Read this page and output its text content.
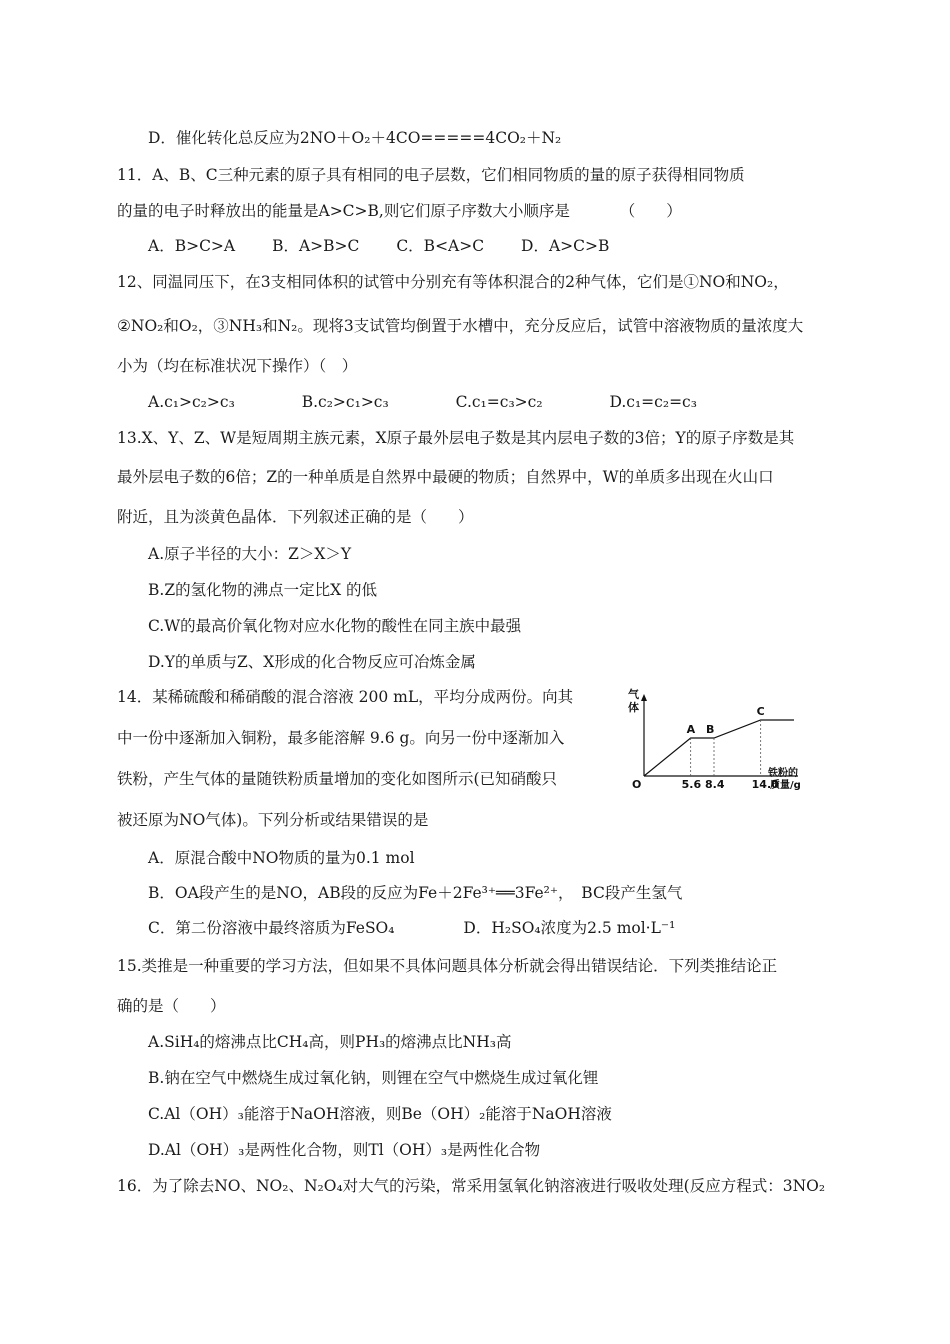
D．催化转化总反应为2NO＋O₂＋4CO=====4CO₂＋N₂
11．A、B、C三种元素的原子具有相同的电子层数，它们相同物质的量的原子获得相同物质
的量的电子时释放出的能量是A>C>B,则它们原子序数大小顺序是	（　　）
A．B>C>A B．A>B>C C．B<A>C D．A>C>B
12、同温同压下，在3支相同体积的试管中分别充有等体积混合的2种气体，它们是①NO和NO₂，
②NO₂和O₂，③NH₃和N₂。现将3支试管均倒置于水槽中，充分反应后，试管中溶液物质的量浓度大
小为（均在标准状况下操作）（　）
A.c₁>c₂>c₃	B.c₂>c₁>c₃	C.c₁=c₃>c₂	D.c₁=c₂=c₃
13.X、Y、Z、W是短周期主族元素，X原子最外层电子数是其内层电子数的3倍；Y的原子序数是其
最外层电子数的6倍；Z的一种单质是自然界中最硬的物质；自然界中，W的单质多出现在火山口
附近，且为淡黄色晶体．下列叙述正确的是（　　）
A.原子半径的大小：Z＞X＞Y
B.Z的氢化物的沸点一定比X 的低
C.W的最高价氧化物对应水化物的酸性在同主族中最强
D.Y的单质与Z、X形成的化合物反应可冶炼金属
14．某稀硫酸和稀硝酸的混合溶液 200 mL，平均分成两份。向其
中一份中逐渐加入铜粉，最多能溶解 9.6 g。向另一份中逐渐加入
铁粉，产生气体的量随铁粉质量增加的变化如图所示(已知硝酸只
被还原为NO气体)。下列分析或结果错误的是
气
体
O	5.6
A
8.4
B
14.0
C
铁粉的
质量/g
A．原混合酸中NO物质的量为0.1 mol
B．OA段产生的是NO，AB段的反应为Fe＋2Fe³⁺══3Fe²⁺，　BC段产生氢气
C．第二份溶液中最终溶质为FeSO₄	D．H₂SO₄浓度为2.5 mol·L⁻¹
15.类推是一种重要的学习方法，但如果不具体问题具体分析就会得出错误结论．下列类推结论正
确的是（　　）
A.SiH₄的熔沸点比CH₄高，则PH₃的熔沸点比NH₃高
B.钠在空气中燃烧生成过氧化钠，则锂在空气中燃烧生成过氧化锂
C.Al（OH）₃能溶于NaOH溶液，则Be（OH）₂能溶于NaOH溶液
D.Al（OH）₃是两性化合物，则Tl（OH）₃是两性化合物
16．为了除去NO、NO₂、N₂O₄对大气的污染，常采用氢氧化钠溶液进行吸收处理(反应方程式：3NO₂
